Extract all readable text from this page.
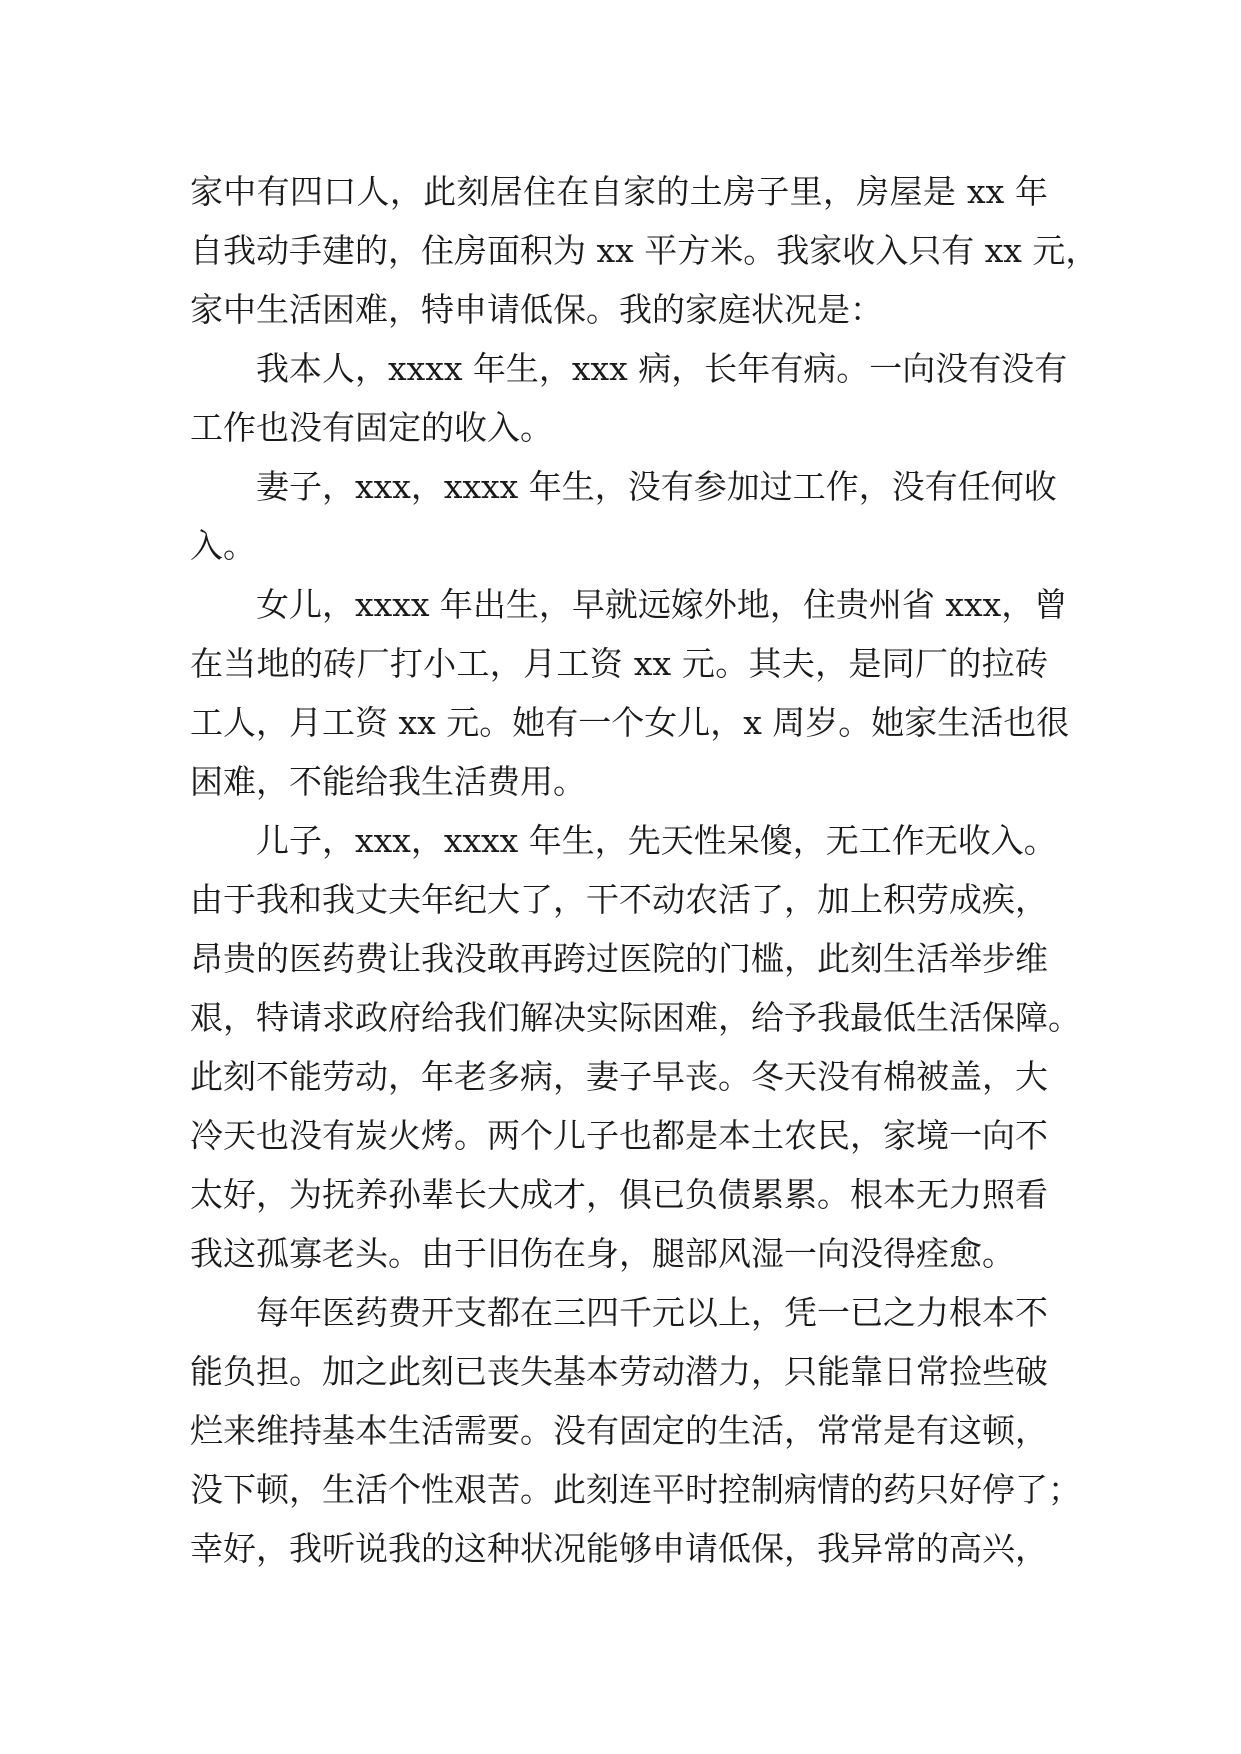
家中有四口人，此刻居住在自家的土房子里，房屋是 xx 年
自我动手建的，住房面积为 xx 平方米。我家收入只有 xx 元，
家中生活困难，特申请低保。我的家庭状况是：
我本人，xxxx 年生，xxx 病，长年有病。一向没有没有
工作也没有固定的收入。
妻子，xxx，xxxx 年生，没有参加过工作，没有任何收
入。
女儿，xxxx 年出生，早就远嫁外地，住贵州省 xxx，曾
在当地的砖厂打小工，月工资 xx 元。其夫，是同厂的拉砖
工人，月工资 xx 元。她有一个女儿，x 周岁。她家生活也很
困难，不能给我生活费用。
儿子，xxx，xxxx 年生，先天性呆傻，无工作无收入。
由于我和我丈夫年纪大了，干不动农活了，加上积劳成疾，
昂贵的医药费让我没敢再跨过医院的门槛，此刻生活举步维
艰，特请求政府给我们解决实际困难，给予我最低生活保障。
此刻不能劳动，年老多病，妻子早丧。冬天没有棉被盖，大
冷天也没有炭火烤。两个儿子也都是本土农民，家境一向不
太好，为抚养孙辈长大成才，俱已负债累累。根本无力照看
我这孤寡老头。由于旧伤在身，腿部风湿一向没得痊愈。
每年医药费开支都在三四千元以上，凭一已之力根本不
能负担。加之此刻已丧失基本劳动潜力，只能靠日常捡些破
烂来维持基本生活需要。没有固定的生活，常常是有这顿，
没下顿，生活个性艰苦。此刻连平时控制病情的药只好停了；
幸好，我听说我的这种状况能够申请低保，我异常的高兴，
